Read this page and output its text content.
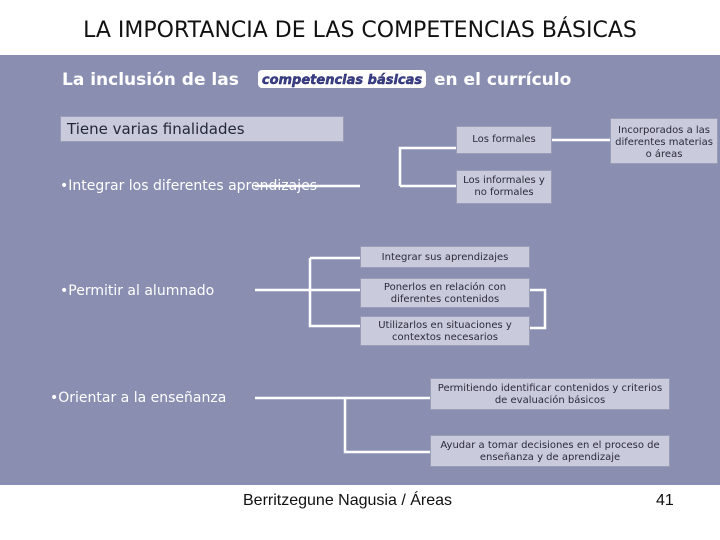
LA IMPORTANCIA DE LAS COMPETENCIAS BÁSICAS
La inclusión de las competencias básicas en el currículo
Tiene varias finalidades
•Integrar los diferentes aprendizajes
Los formales
Los informales y no formales
Incorporados a las diferentes materias o áreas
•Permitir al alumnado
Integrar sus aprendizajes
Ponerlos en relación con diferentes contenidos
Utilizarlos en situaciones y contextos necesarios
•Orientar a la enseñanza
Permitiendo identificar contenidos y criterios de evaluación básicos
Ayudar a tomar decisiones en el proceso de enseñanza y de aprendizaje
Berritzegune Nagusia / Áreas	41
